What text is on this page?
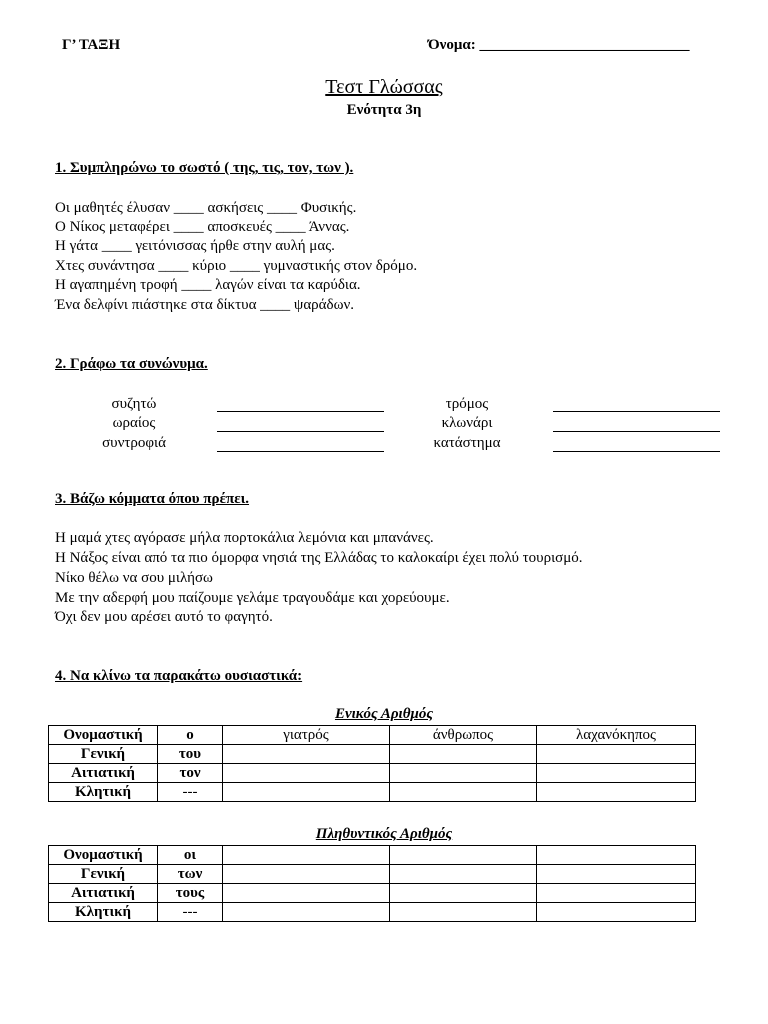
Γ’ ΤΑΞΗ	Όνομα: ____________________________
Τεστ Γλώσσας
Ενότητα 3η
1. Συμπληρώνω το σωστό ( της, τις, τον, των ).
Οι μαθητές έλυσαν ____ ασκήσεις ____ Φυσικής.
Ο Νίκος μεταφέρει ____ αποσκευές ____ Άννας.
Η γάτα ____ γειτόνισσας ήρθε στην αυλή μας.
Χτες συνάντησα ____ κύριο ____ γυμναστικής στον δρόμο.
Η αγαπημένη τροφή ____ λαγών είναι τα καρύδια.
Ένα δελφίνι πιάστηκε στα δίκτυα ____ ψαράδων.
2. Γράφω τα συνώνυμα.
συζητώ	τρόμος
ωραίος	κλωνάρι
συντροφιά	κατάστημα
3. Βάζω κόμματα όπου πρέπει.
Η μαμά χτες αγόρασε μήλα πορτοκάλια λεμόνια και μπανάνες.
Η Νάξος είναι από τα πιο όμορφα νησιά της Ελλάδας το καλοκαίρι έχει πολύ τουρισμό.
Νίκο θέλω να σου μιλήσω
Με την αδερφή μου παίζουμε γελάμε τραγουδάμε και χορεύουμε.
Όχι δεν μου αρέσει αυτό το φαγητό.
4. Να κλίνω τα παρακάτω ουσιαστικά:
Ενικός Αριθμός
Ονομαστική	ο	γιατρός	άνθρωπος	λαχανόκηπος
Γενική	του			
Αιτιατική	τον			
Κλητική	---			
Πληθυντικός Αριθμός
Ονομαστική	οι			
Γενική	των			
Αιτιατική	τους			
Κλητική	---			
